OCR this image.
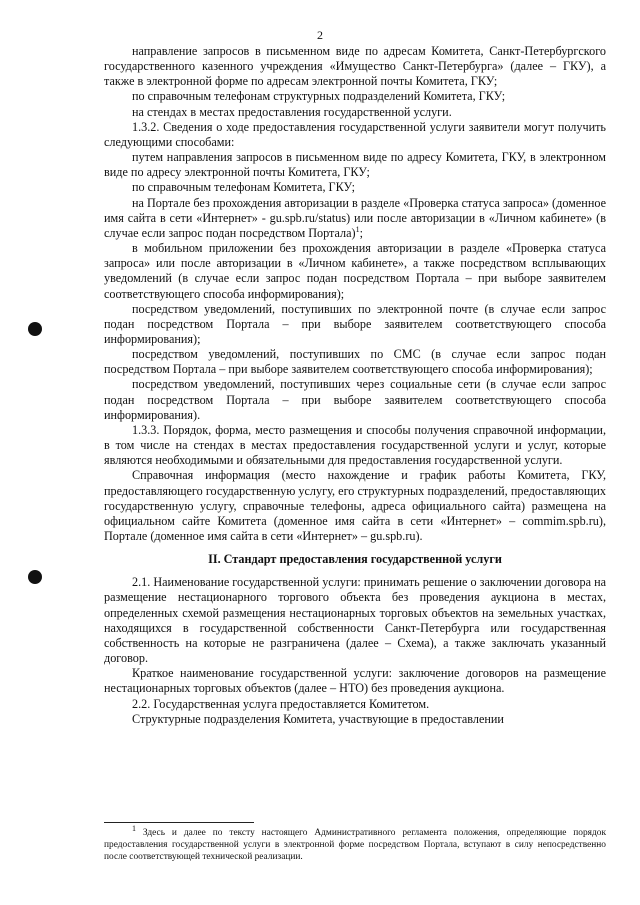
2

направление запросов в письменном виде по адресам Комитета, Санкт-Петербургского государственного казенного учреждения «Имущество Санкт-Петербурга» (далее – ГКУ), а также в электронной форме по адресам электронной почты Комитета, ГКУ;

по справочным телефонам структурных подразделений Комитета, ГКУ;

на стендах в местах предоставления государственной услуги.

1.3.2. Сведения о ходе предоставления государственной услуги заявители могут получить следующими способами:

путем направления запросов в письменном виде по адресу Комитета, ГКУ, в электронном виде по адресу электронной почты Комитета, ГКУ;

по справочным телефонам Комитета, ГКУ;

на Портале без прохождения авторизации в разделе «Проверка статуса запроса» (доменное имя сайта в сети «Интернет» - gu.spb.ru/status) или после авторизации в «Личном кабинете» (в случае если запрос подан посредством Портала)$^1$;

в мобильном приложении без прохождения авторизации в разделе «Проверка статуса запроса» или после авторизации в «Личном кабинете», а также посредством всплывающих уведомлений (в случае если запрос подан посредством Портала – при выборе заявителем соответствующего способа информирования);

посредством уведомлений, поступивших по электронной почте (в случае если запрос подан посредством Портала – при выборе заявителем соответствующего способа информирования);

посредством уведомлений, поступивших по СМС (в случае если запрос подан посредством Портала – при выборе заявителем соответствующего способа информирования);

посредством уведомлений, поступивших через социальные сети (в случае если запрос подан посредством Портала – при выборе заявителем соответствующего способа информирования).

1.3.3. Порядок, форма, место размещения и способы получения справочной информации, в том числе на стендах в местах предоставления государственной услуги и услуг, которые являются необходимыми и обязательными для предоставления государственной услуги.

Справочная информация (место нахождение и график работы Комитета, ГКУ, предоставляющего государственную услугу, его структурных подразделений, предоставляющих государственную услугу, справочные телефоны, адреса официального сайта) размещена на официальном сайте Комитета (доменное имя сайта в сети «Интернет» – commim.spb.ru), Портале (доменное имя сайта в сети «Интернет» – gu.spb.ru).

II. Стандарт предоставления государственной услуги

2.1. Наименование государственной услуги: принимать решение о заключении договора на размещение нестационарного торгового объекта без проведения аукциона в местах, определенных схемой размещения нестационарных торговых объектов на земельных участках, находящихся в государственной собственности Санкт-Петербурга или государственная собственность на которые не разграничена (далее – Схема), а также заключать указанный договор.

Краткое наименование государственной услуги: заключение договоров на размещение нестационарных торговых объектов (далее – НТО) без проведения аукциона.

2.2. Государственная услуга предоставляется Комитетом.

Структурные подразделения Комитета, участвующие в предоставлении

$^1$ Здесь и далее по тексту настоящего Административного регламента положения, определяющие порядок предоставления государственной услуги в электронной форме посредством Портала, вступают в силу непосредственно после соответствующей технической реализации.
